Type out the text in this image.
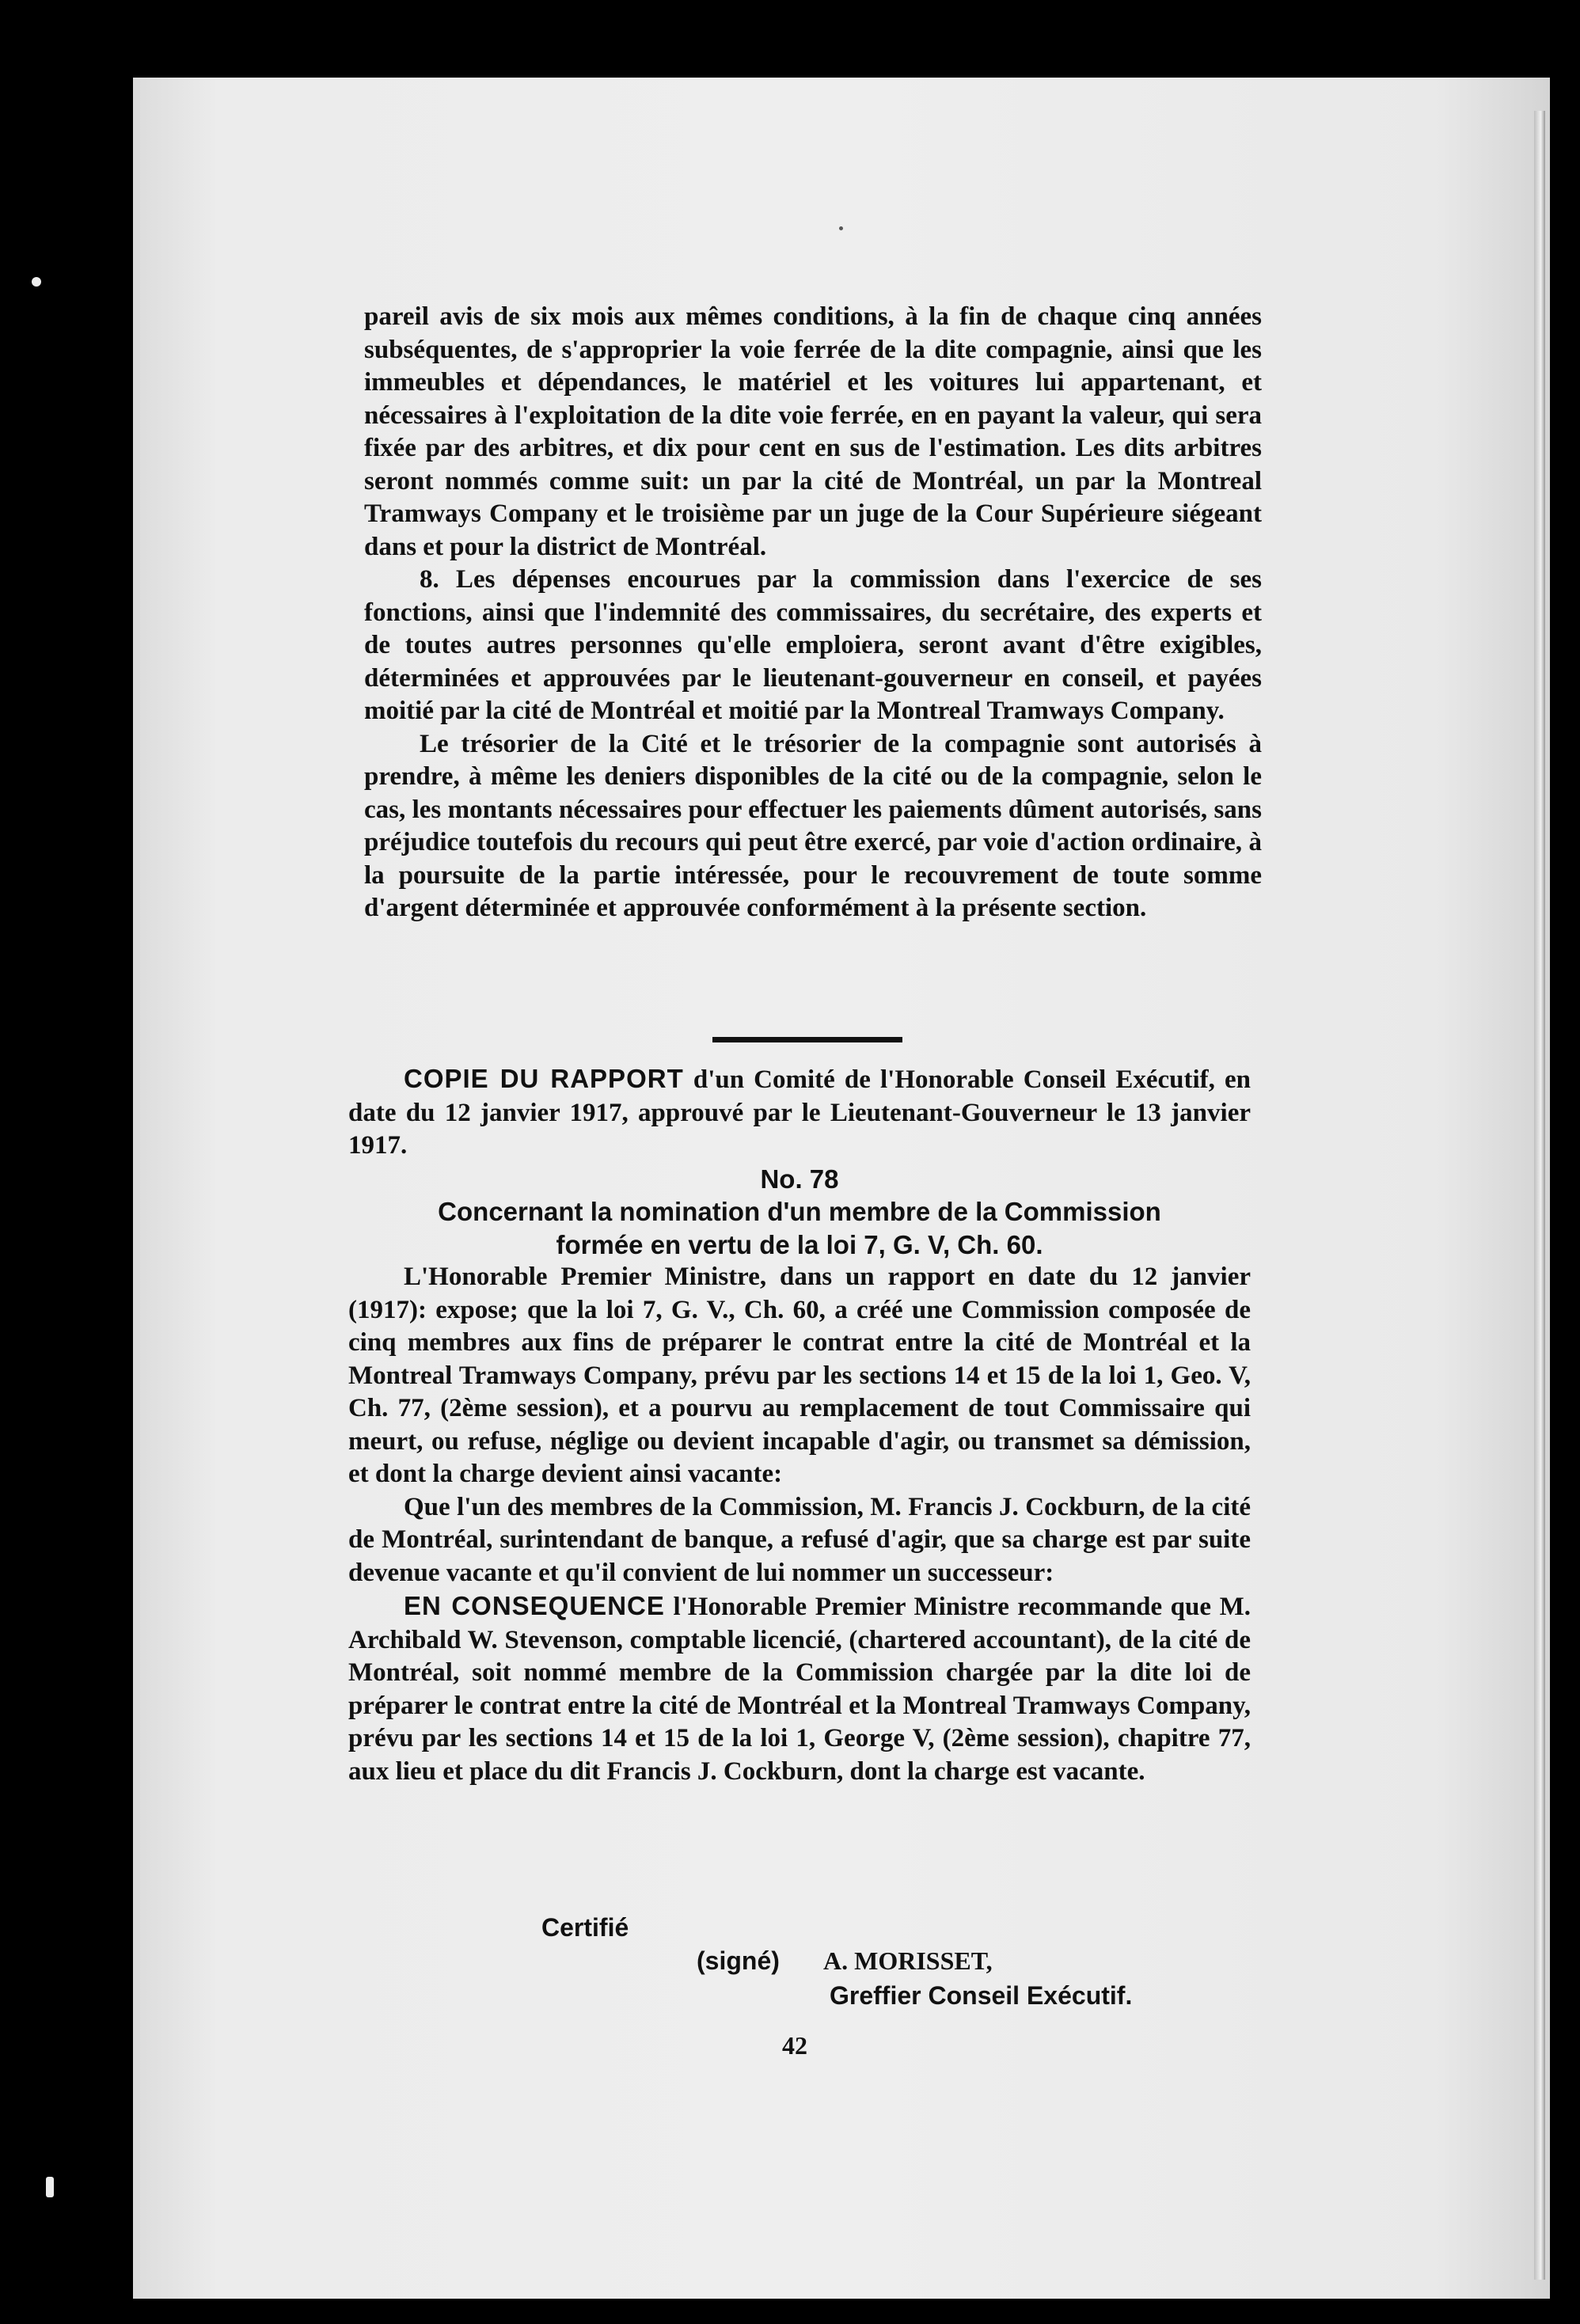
pareil avis de six mois aux mêmes conditions, à la fin de chaque cinq années subséquentes, de s'approprier la voie ferrée de la dite compagnie, ainsi que les immeubles et dépendances, le matériel et les voitures lui appartenant, et nécessaires à l'exploitation de la dite voie ferrée, en en payant la valeur, qui sera fixée par des arbitres, et dix pour cent en sus de l'estimation. Les dits arbitres seront nommés comme suit: un par la cité de Montréal, un par la Montreal Tramways Company et le troisième par un juge de la Cour Supérieure siégeant dans et pour la district de Montréal.

8. Les dépenses encourues par la commission dans l'exercice de ses fonctions, ainsi que l'indemnité des commissaires, du secrétaire, des experts et de toutes autres personnes qu'elle emploiera, seront avant d'être exigibles, déterminées et approuvées par le lieutenant-gouverneur en conseil, et payées moitié par la cité de Montréal et moitié par la Montreal Tramways Company.

Le trésorier de la Cité et le trésorier de la compagnie sont autorisés à prendre, à même les deniers disponibles de la cité ou de la compagnie, selon le cas, les montants nécessaires pour effectuer les paiements dûment autorisés, sans préjudice toutefois du recours qui peut être exercé, par voie d'action ordinaire, à la poursuite de la partie intéressée, pour le recouvrement de toute somme d'argent déterminée et approuvée conformément à la présente section.

COPIE DU RAPPORT d'un Comité de l'Honorable Conseil Exécutif, en date du 12 janvier 1917, approuvé par le Lieutenant-Gouverneur le 13 janvier 1917.

No. 78

Concernant la nomination d'un membre de la Commission

formée en vertu de la loi 7, G. V, Ch. 60.

L'Honorable Premier Ministre, dans un rapport en date du 12 janvier (1917): expose; que la loi 7, G. V., Ch. 60, a créé une Commission composée de cinq membres aux fins de préparer le contrat entre la cité de Montréal et la Montreal Tramways Company, prévu par les sections 14 et 15 de la loi 1, Geo. V, Ch. 77, (2ème session), et a pourvu au remplacement de tout Commissaire qui meurt, ou refuse, néglige ou devient incapable d'agir, ou transmet sa démission, et dont la charge devient ainsi vacante:

Que l'un des membres de la Commission, M. Francis J. Cockburn, de la cité de Montréal, surintendant de banque, a refusé d'agir, que sa charge est par suite devenue vacante et qu'il convient de lui nommer un successeur:

EN CONSEQUENCE l'Honorable Premier Ministre recommande que M. Archibald W. Stevenson, comptable licencié, (chartered accountant), de la cité de Montréal, soit nommé membre de la Commission chargée par la dite loi de préparer le contrat entre la cité de Montréal et la Montreal Tramways Company, prévu par les sections 14 et 15 de la loi 1, George V, (2ème session), chapitre 77, aux lieu et place du dit Francis J. Cockburn, dont la charge est vacante.

Certifié
(signé) A. MORISSET,
Greffier Conseil Exécutif.
42
